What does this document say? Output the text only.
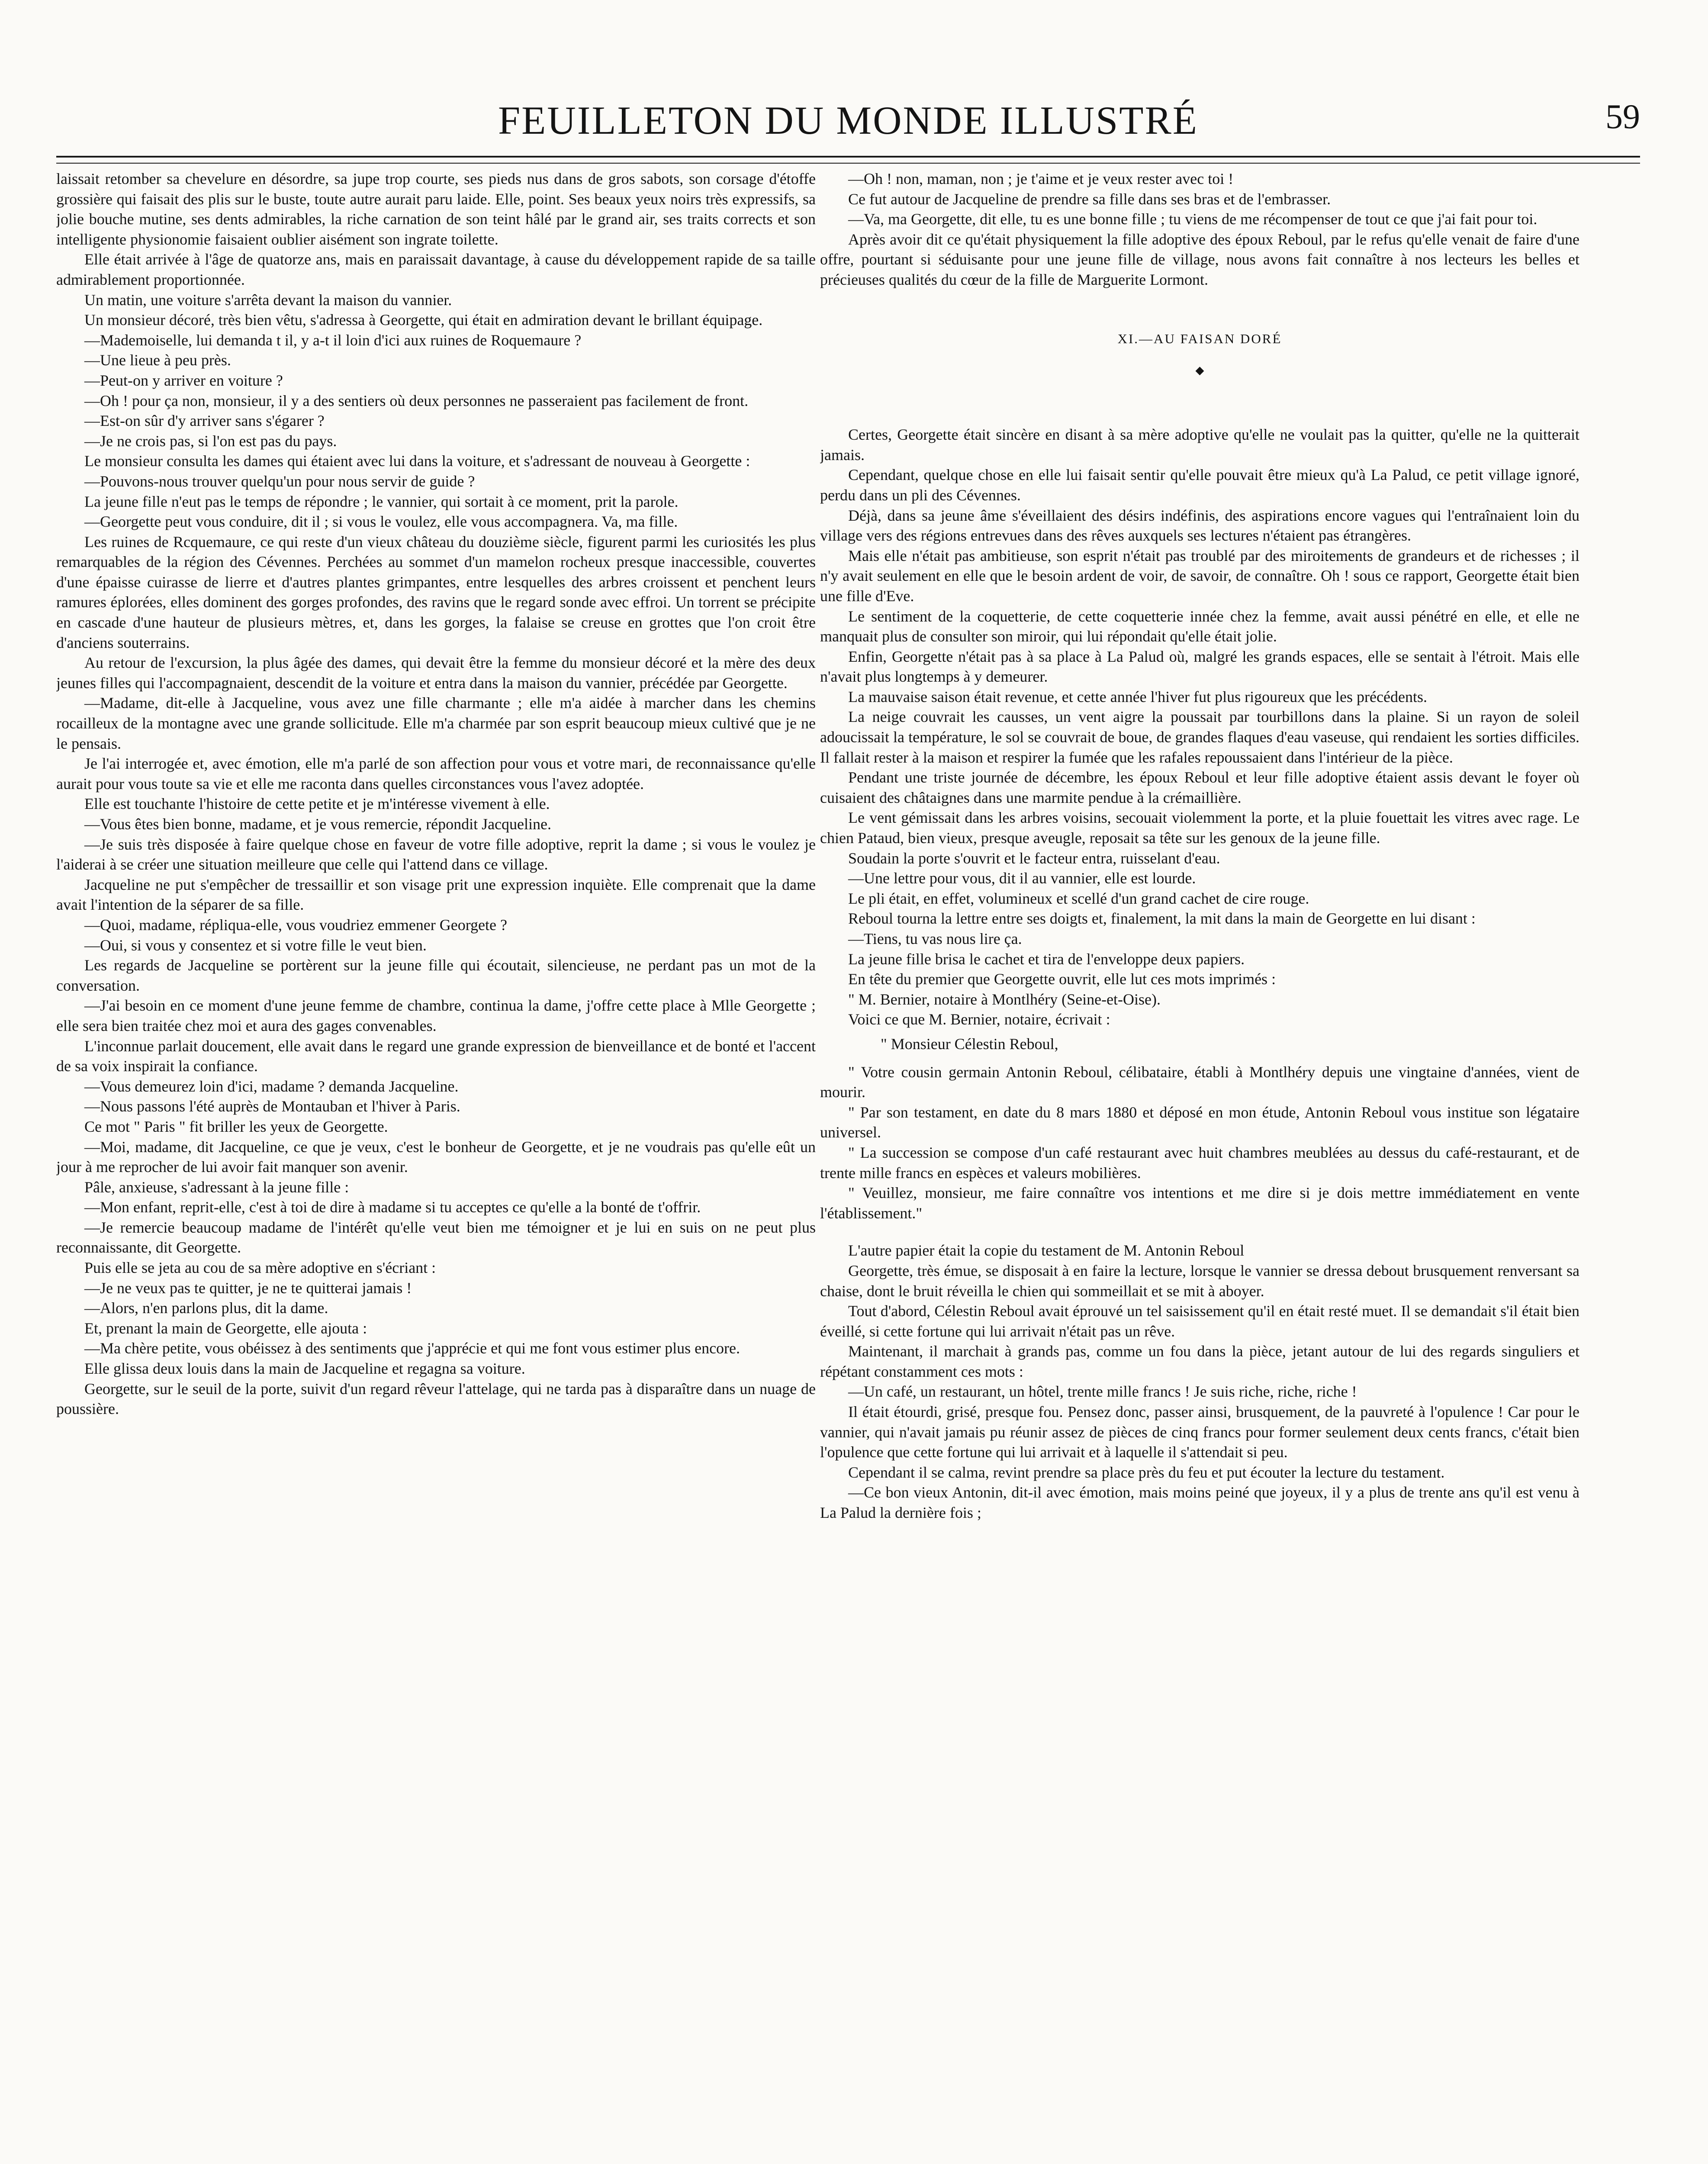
FEUILLETON DU MONDE ILLUSTRÉ	59

laissait retomber sa chevelure en désordre, sa jupe trop courte, ses pieds nus dans de gros sabots, son corsage d'étoffe grossière qui faisait des plis sur le buste, toute autre aurait paru laide. Elle, point. Ses beaux yeux noirs très expressifs, sa jolie bouche mutine, ses dents admirables, la riche carnation de son teint hâlé par le grand air, ses traits corrects et son intelligente physionomie faisaient oublier aisément son ingrate toilette.

Elle était arrivée à l'âge de quatorze ans, mais en paraissait davantage, à cause du développement rapide de sa taille admirablement proportionnée.

Un matin, une voiture s'arrêta devant la maison du vannier.

Un monsieur décoré, très bien vêtu, s'adressa à Georgette, qui était en admiration devant le brillant équipage.

—Mademoiselle, lui demanda t il, y a-t il loin d'ici aux ruines de Roquemaure ?

—Une lieue à peu près.

—Peut-on y arriver en voiture ?

—Oh ! pour ça non, monsieur, il y a des sentiers où deux personnes ne passeraient pas facilement de front.

—Est-on sûr d'y arriver sans s'égarer ?

—Je ne crois pas, si l'on est pas du pays.

Le monsieur consulta les dames qui étaient avec lui dans la voiture, et s'adressant de nouveau à Georgette :

—Pouvons-nous trouver quelqu'un pour nous servir de guide ?

La jeune fille n'eut pas le temps de répondre ; le vannier, qui sortait à ce moment, prit la parole.

—Georgette peut vous conduire, dit il ; si vous le voulez, elle vous accompagnera. Va, ma fille.

Les ruines de Rcquemaure, ce qui reste d'un vieux château du douzième siècle, figurent parmi les curiosités les plus remarquables de la région des Cévennes. Perchées au sommet d'un mamelon rocheux presque inaccessible, couvertes d'une épaisse cuirasse de lierre et d'autres plantes grimpantes, entre lesquelles des arbres croissent et penchent leurs ramures éplorées, elles dominent des gorges profondes, des ravins que le regard sonde avec effroi. Un torrent se précipite en cascade d'une hauteur de plusieurs mètres, et, dans les gorges, la falaise se creuse en grottes que l'on croit être d'anciens souterrains.

Au retour de l'excursion, la plus âgée des dames, qui devait être la femme du monsieur décoré et la mère des deux jeunes filles qui l'accompagnaient, descendit de la voiture et entra dans la maison du vannier, précédée par Georgette.

—Madame, dit-elle à Jacqueline, vous avez une fille charmante ; elle m'a aidée à marcher dans les chemins rocailleux de la montagne avec une grande sollicitude. Elle m'a charmée par son esprit beaucoup mieux cultivé que je ne le pensais.

Je l'ai interrogée et, avec émotion, elle m'a parlé de son affection pour vous et votre mari, de reconnaissance qu'elle aurait pour vous toute sa vie et elle me raconta dans quelles circonstances vous l'avez adoptée.

Elle est touchante l'histoire de cette petite et je m'intéresse vivement à elle.

—Vous êtes bien bonne, madame, et je vous remercie, répondit Jacqueline.

—Je suis très disposée à faire quelque chose en faveur de votre fille adoptive, reprit la dame ; si vous le voulez je l'aiderai à se créer une situation meilleure que celle qui l'attend dans ce village.

Jacqueline ne put s'empêcher de tressaillir et son visage prit une expression inquiète. Elle comprenait que la dame avait l'intention de la séparer de sa fille.

—Quoi, madame, répliqua-elle, vous voudriez emmener Georgete ?

—Oui, si vous y consentez et si votre fille le veut bien.

Les regards de Jacqueline se portèrent sur la jeune fille qui écoutait, silencieuse, ne perdant pas un mot de la conversation.

—J'ai besoin en ce moment d'une jeune femme de chambre, continua la dame, j'offre cette place à Mlle Georgette ; elle sera bien traitée chez moi et aura des gages convenables.

L'inconnue parlait doucement, elle avait dans le regard une grande expression de bienveillance et de bonté et l'accent de sa voix inspirait la confiance.

—Vous demeurez loin d'ici, madame ? demanda Jacqueline.

—Nous passons l'été auprès de Montauban et l'hiver à Paris.

Ce mot " Paris " fit briller les yeux de Georgette.

—Moi, madame, dit Jacqueline, ce que je veux, c'est le bonheur de Georgette, et je ne voudrais pas qu'elle eût un jour à me reprocher de lui avoir fait manquer son avenir.

Pâle, anxieuse, s'adressant à la jeune fille :

—Mon enfant, reprit-elle, c'est à toi de dire à madame si tu acceptes ce qu'elle a la bonté de t'offrir.

—Je remercie beaucoup madame de l'intérêt qu'elle veut bien me témoigner et je lui en suis on ne peut plus reconnaissante, dit Georgette.

Puis elle se jeta au cou de sa mère adoptive en s'écriant :

—Je ne veux pas te quitter, je ne te quitterai jamais !

—Alors, n'en parlons plus, dit la dame.

Et, prenant la main de Georgette, elle ajouta :

—Ma chère petite, vous obéissez à des sentiments que j'apprécie et qui me font vous estimer plus encore.

Elle glissa deux louis dans la main de Jacqueline et regagna sa voiture.

Georgette, sur le seuil de la porte, suivit d'un regard rêveur l'attelage, qui ne tarda pas à disparaître dans un nuage de poussière.

—Oh ! non, maman, non ; je t'aime et je veux rester avec toi !

Ce fut autour de Jacqueline de prendre sa fille dans ses bras et de l'embrasser.

—Va, ma Georgette, dit elle, tu es une bonne fille ; tu viens de me récompenser de tout ce que j'ai fait pour toi.

Après avoir dit ce qu'était physiquement la fille adoptive des époux Reboul, par le refus qu'elle venait de faire d'une offre, pourtant si séduisante pour une jeune fille de village, nous avons fait connaître à nos lecteurs les belles et précieuses qualités du cœur de la fille de Marguerite Lormont.

XI.—AU FAISAN DORÉ
◆

Certes, Georgette était sincère en disant à sa mère adoptive qu'elle ne voulait pas la quitter, qu'elle ne la quitterait jamais.

Cependant, quelque chose en elle lui faisait sentir qu'elle pouvait être mieux qu'à La Palud, ce petit village ignoré, perdu dans un pli des Cévennes.

Déjà, dans sa jeune âme s'éveillaient des désirs indéfinis, des aspirations encore vagues qui l'entraînaient loin du village vers des régions entrevues dans des rêves auxquels ses lectures n'étaient pas étrangères.

Mais elle n'était pas ambitieuse, son esprit n'était pas troublé par des miroitements de grandeurs et de richesses ; il n'y avait seulement en elle que le besoin ardent de voir, de savoir, de connaître. Oh ! sous ce rapport, Georgette était bien une fille d'Eve.

Le sentiment de la coquetterie, de cette coquetterie innée chez la femme, avait aussi pénétré en elle, et elle ne manquait plus de consulter son miroir, qui lui répondait qu'elle était jolie.

Enfin, Georgette n'était pas à sa place à La Palud où, malgré les grands espaces, elle se sentait à l'étroit. Mais elle n'avait plus longtemps à y demeurer.

La mauvaise saison était revenue, et cette année l'hiver fut plus rigoureux que les précédents.

La neige couvrait les causses, un vent aigre la poussait par tourbillons dans la plaine. Si un rayon de soleil adoucissait la température, le sol se couvrait de boue, de grandes flaques d'eau vaseuse, qui rendaient les sorties difficiles. Il fallait rester à la maison et respirer la fumée que les rafales repoussaient dans l'intérieur de la pièce.

Pendant une triste journée de décembre, les époux Reboul et leur fille adoptive étaient assis devant le foyer où cuisaient des châtaignes dans une marmite pendue à la crémaillière.

Le vent gémissait dans les arbres voisins, secouait violemment la porte, et la pluie fouettait les vitres avec rage. Le chien Pataud, bien vieux, presque aveugle, reposait sa tête sur les genoux de la jeune fille.

Soudain la porte s'ouvrit et le facteur entra, ruisselant d'eau.

—Une lettre pour vous, dit il au vannier, elle est lourde.

Le pli était, en effet, volumineux et scellé d'un grand cachet de cire rouge.

Reboul tourna la lettre entre ses doigts et, finalement, la mit dans la main de Georgette en lui disant :

—Tiens, tu vas nous lire ça.

La jeune fille brisa le cachet et tira de l'enveloppe deux papiers.

En tête du premier que Georgette ouvrit, elle lut ces mots imprimés :

" M. Bernier, notaire à Montlhéry (Seine-et-Oise).

Voici ce que M. Bernier, notaire, écrivait :

" Monsieur Célestin Reboul,

" Votre cousin germain Antonin Reboul, célibataire, établi à Montlhéry depuis une vingtaine d'années, vient de mourir.

" Par son testament, en date du 8 mars 1880 et déposé en mon étude, Antonin Reboul vous institue son légataire universel.

" La succession se compose d'un café restaurant avec huit chambres meublées au dessus du café-restaurant, et de trente mille francs en espèces et valeurs mobilières.

" Veuillez, monsieur, me faire connaître vos intentions et me dire si je dois mettre immédiatement en vente l'établissement."

L'autre papier était la copie du testament de M. Antonin Reboul

Georgette, très émue, se disposait à en faire la lecture, lorsque le vannier se dressa debout brusquement renversant sa chaise, dont le bruit réveilla le chien qui sommeillait et se mit à aboyer.

Tout d'abord, Célestin Reboul avait éprouvé un tel saisissement qu'il en était resté muet. Il se demandait s'il était bien éveillé, si cette fortune qui lui arrivait n'était pas un rêve.

Maintenant, il marchait à grands pas, comme un fou dans la pièce, jetant autour de lui des regards singuliers et répétant constamment ces mots :

—Un café, un restaurant, un hôtel, trente mille francs ! Je suis riche, riche, riche !

Il était étourdi, grisé, presque fou. Pensez donc, passer ainsi, brusquement, de la pauvreté à l'opulence ! Car pour le vannier, qui n'avait jamais pu réunir assez de pièces de cinq francs pour former seulement deux cents francs, c'était bien l'opulence que cette fortune qui lui arrivait et à laquelle il s'attendait si peu.

Cependant il se calma, revint prendre sa place près du feu et put écouter la lecture du testament.

—Ce bon vieux Antonin, dit-il avec émotion, mais moins peiné que joyeux, il y a plus de trente ans qu'il est venu à La Palud la dernière fois ;
